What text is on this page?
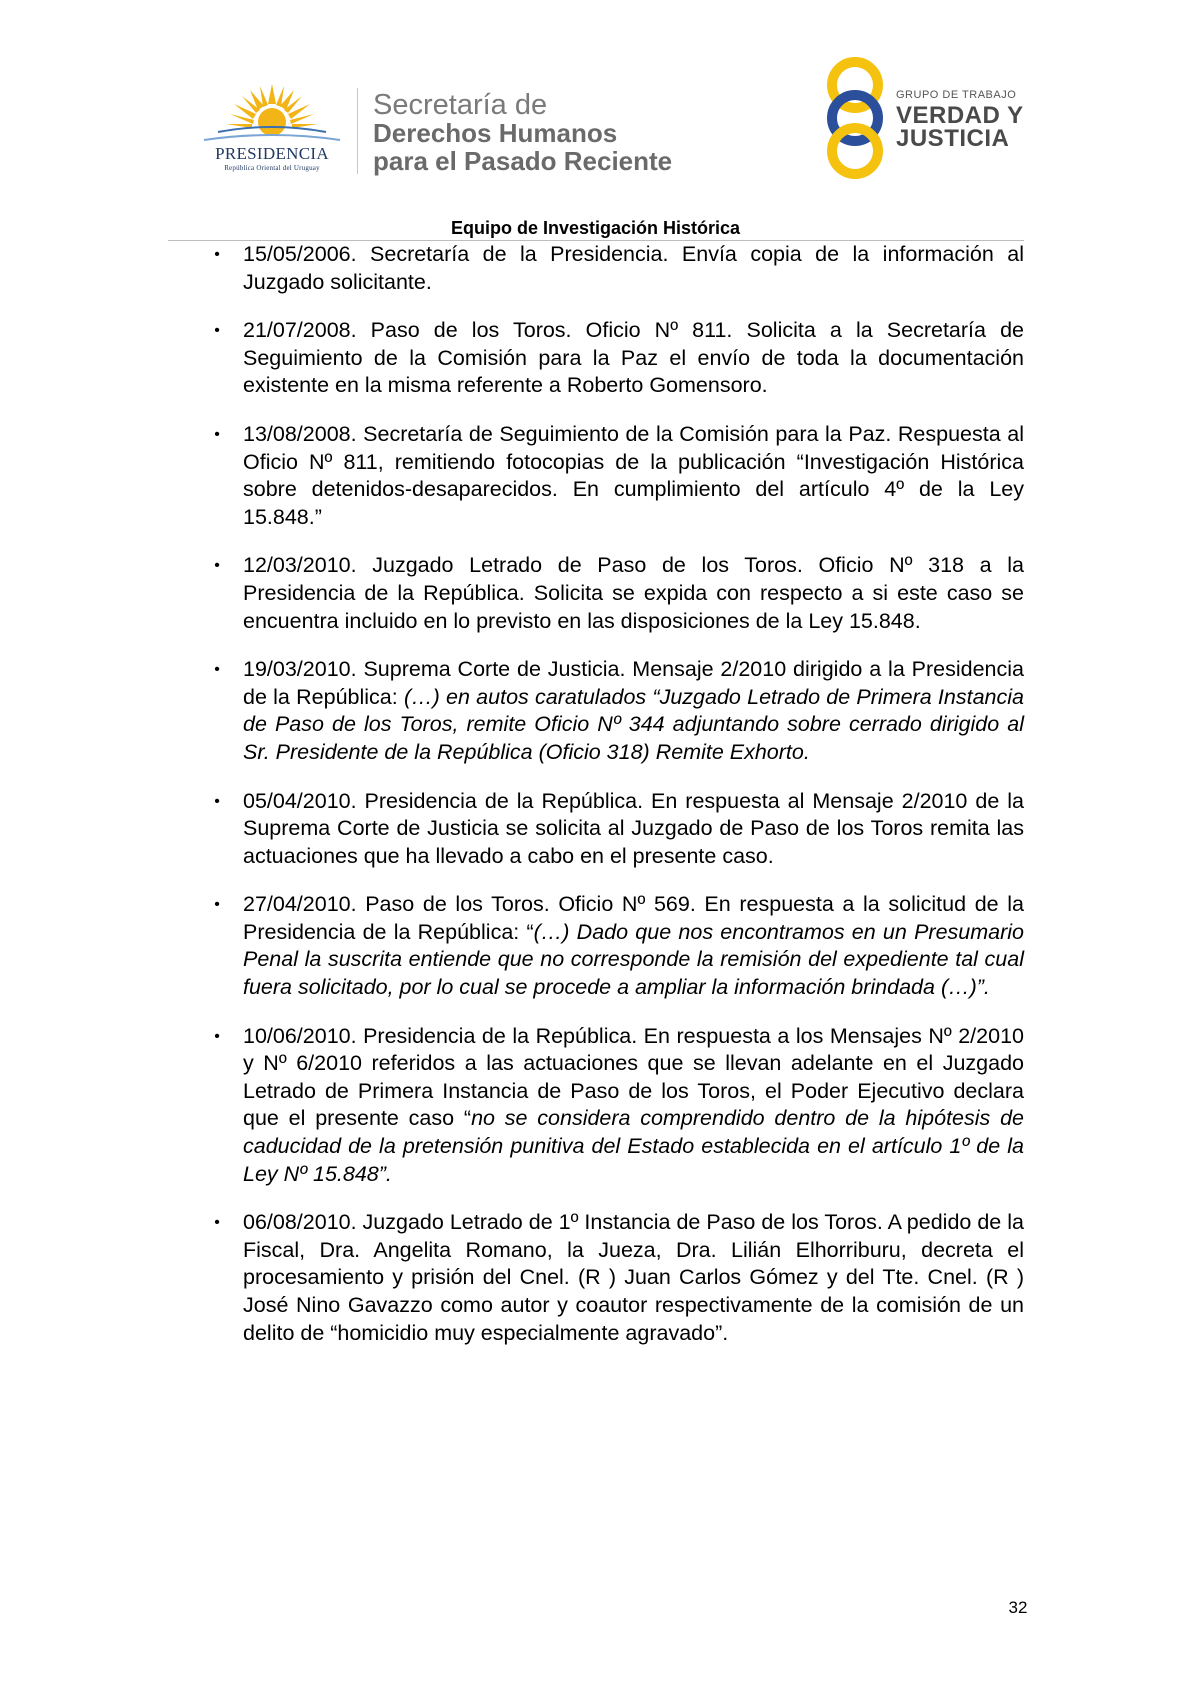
PRESIDENCIA
República Oriental del Uruguay
Secretaría de
Derechos Humanos
para el Pasado Reciente
GRUPO DE TRABAJO
VERDAD Y
JUSTICIA
Equipo de Investigación Histórica
• 15/05/2006. Secretaría de la Presidencia. Envía copia de la información al Juzgado solicitante.
• 21/07/2008. Paso de los Toros. Oficio Nº 811. Solicita a la Secretaría de Seguimiento de la Comisión para la Paz el envío de toda la documentación existente en la misma referente a Roberto Gomensoro.
• 13/08/2008. Secretaría de Seguimiento de la Comisión para la Paz. Respuesta al Oficio Nº 811, remitiendo fotocopias de la publicación “Investigación Histórica sobre detenidos-desaparecidos. En cumplimiento del artículo 4º de la Ley 15.848.”
• 12/03/2010. Juzgado Letrado de Paso de los Toros. Oficio Nº 318 a la Presidencia de la República. Solicita se expida con respecto a si este caso se encuentra incluido en lo previsto en las disposiciones de la Ley 15.848.
• 19/03/2010. Suprema Corte de Justicia. Mensaje 2/2010 dirigido a la Presidencia de la República: (…) en autos caratulados “Juzgado Letrado de Primera Instancia de Paso de los Toros, remite Oficio Nº 344 adjuntando sobre cerrado dirigido al Sr. Presidente de la República (Oficio 318) Remite Exhorto.
• 05/04/2010. Presidencia de la República. En respuesta al Mensaje 2/2010 de la Suprema Corte de Justicia se solicita al Juzgado de Paso de los Toros remita las actuaciones que ha llevado a cabo en el presente caso.
• 27/04/2010. Paso de los Toros. Oficio Nº 569. En respuesta a la solicitud de la Presidencia de la República: “(…) Dado que nos encontramos en un Presumario Penal la suscrita entiende que no corresponde la remisión del expediente tal cual fuera solicitado, por lo cual se procede a ampliar la información brindada (…)”.
• 10/06/2010. Presidencia de la República. En respuesta a los Mensajes Nº 2/2010 y Nº 6/2010 referidos a las actuaciones que se llevan adelante en el Juzgado Letrado de Primera Instancia de Paso de los Toros, el Poder Ejecutivo declara que el presente caso “no se considera comprendido dentro de la hipótesis de caducidad de la pretensión punitiva del Estado establecida en el artículo 1º de la Ley Nº 15.848”.
• 06/08/2010. Juzgado Letrado de 1º Instancia de Paso de los Toros. A pedido de la Fiscal, Dra. Angelita Romano, la Jueza, Dra. Lilián Elhorriburu, decreta el procesamiento y prisión del Cnel. (R ) Juan Carlos Gómez y del Tte. Cnel. (R ) José Nino Gavazzo como autor y coautor respectivamente de la comisión de un delito de “homicidio muy especialmente agravado”.
32
